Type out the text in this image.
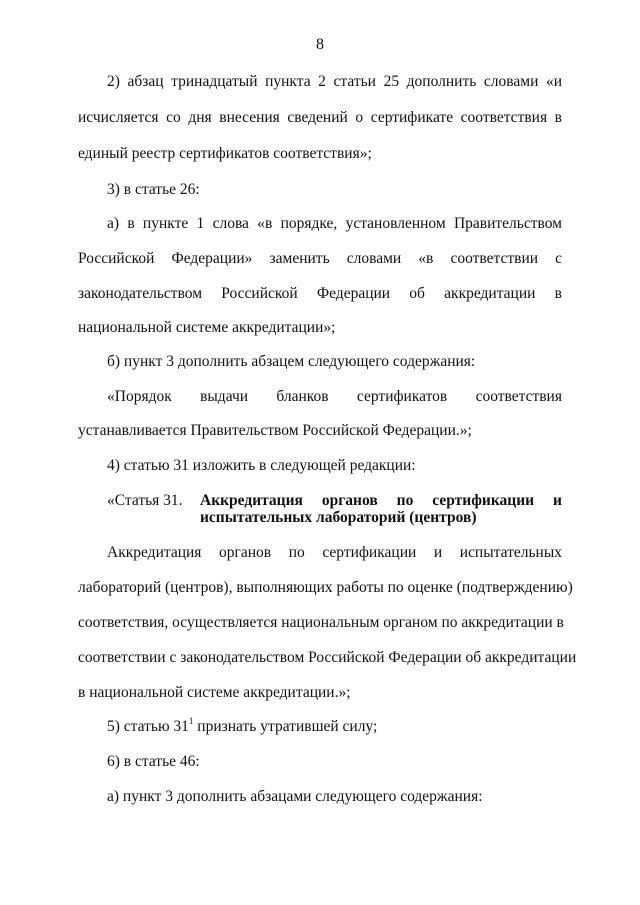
8
2) абзац тринадцатый пункта 2 статьи 25 дополнить словами «и
исчисляется со дня внесения сведений о сертификате соответствия в
единый реестр сертификатов соответствия»;
3) в статье 26:
а) в пункте 1 слова «в порядке, установленном Правительством
Российской Федерации» заменить словами «в соответствии с
законодательством Российской Федерации об аккредитации в
национальной системе аккредитации»;
б) пункт 3 дополнить абзацем следующего содержания:
«Порядок выдачи бланков сертификатов соответствия
устанавливается Правительством Российской Федерации.»;
4) статью 31 изложить в следующей редакции:
«Статья 31. Аккредитация органов по сертификации и
испытательных лабораторий (центров)
Аккредитация органов по сертификации и испытательных
лабораторий (центров), выполняющих работы по оценке (подтверждению)
соответствия, осуществляется национальным органом по аккредитации в
соответствии с законодательством Российской Федерации об аккредитации
в национальной системе аккредитации.»;
5) статью $31^1$ признать утратившей силу;
6) в статье 46:
а) пункт 3 дополнить абзацами следующего содержания:
